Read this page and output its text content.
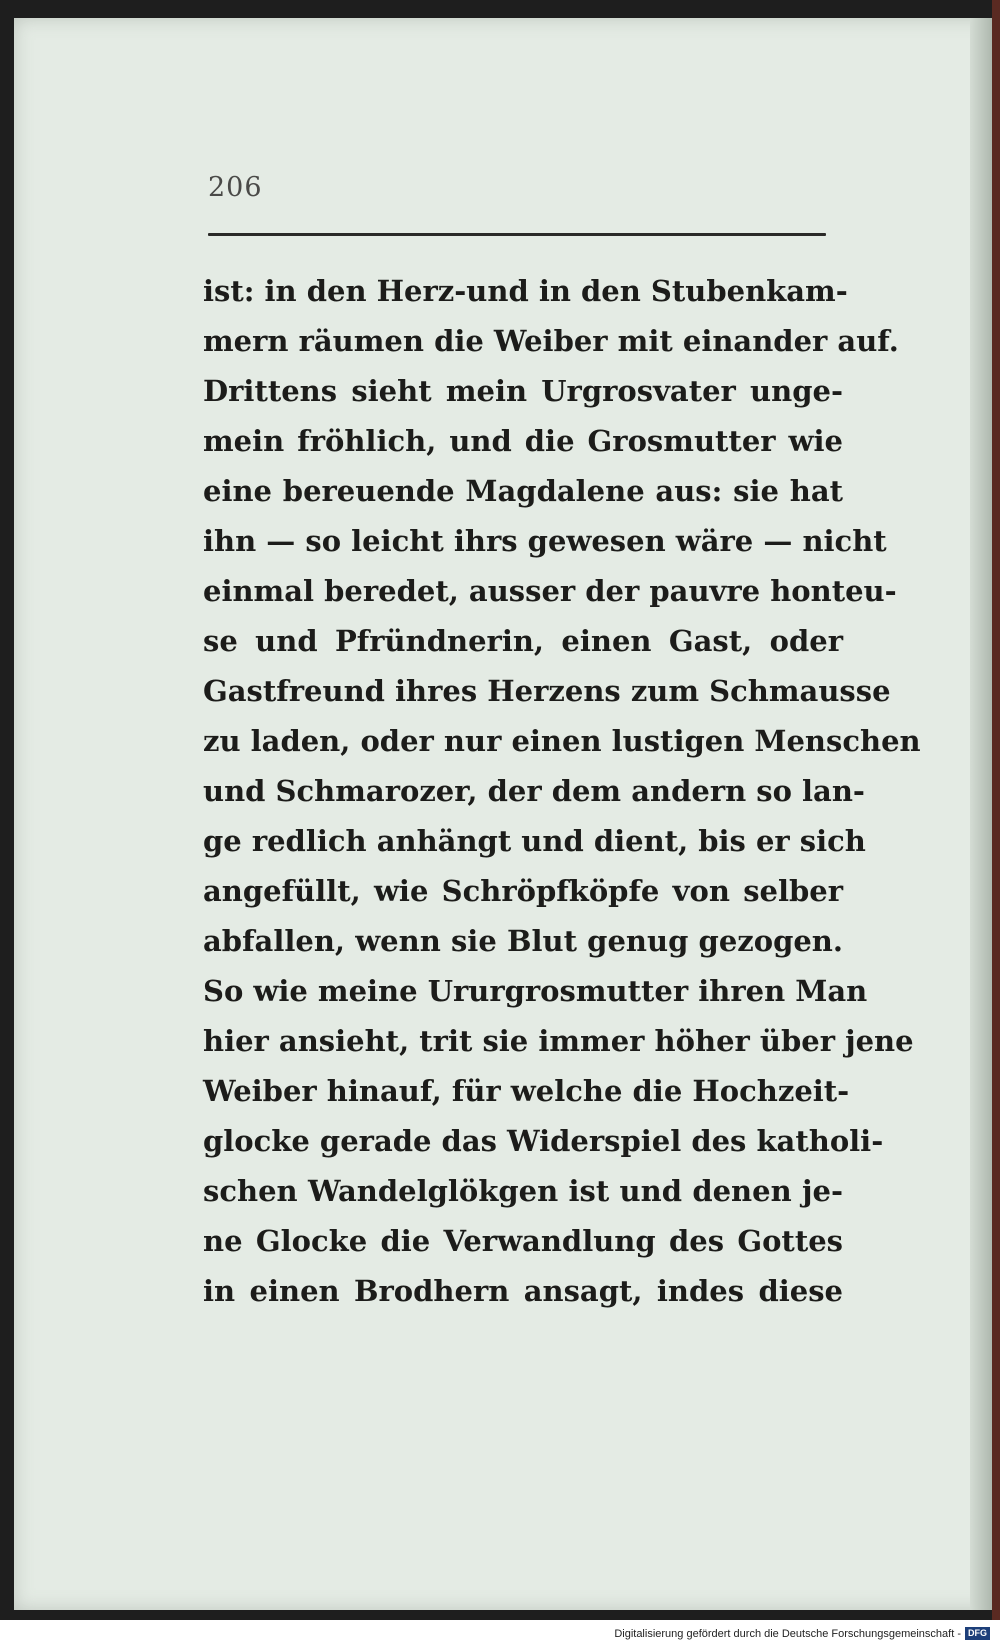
206
ist: in den Herz-und in den Stubenkam-
mern räumen die Weiber mit einander auf.
Drittens sieht mein Urgrosvater unge-
mein fröhlich, und die Grosmutter wie
eine bereuende Magdalene aus: sie hat
ihn — so leicht ihrs gewesen wäre — nicht
einmal beredet, ausser der pauvre honteu-
se und Pfründnerin, einen Gast, oder
Gastfreund ihres Herzens zum Schmausse
zu laden, oder nur einen lustigen Menschen
und Schmarozer, der dem andern so lan-
ge redlich anhängt und dient, bis er sich
angefüllt, wie Schröpfköpfe von selber
abfallen, wenn sie Blut genug gezogen.
So wie meine Ururgrosmutter ihren Man
hier ansieht, trit sie immer höher über jene
Weiber hinauf, für welche die Hochzeit-
glocke gerade das Widerspiel des katholi-
schen Wandelglökgen ist und denen je-
ne Glocke die Verwandlung des Gottes
in einen Brodhern ansagt, indes diese
Digitalisierung gefördert durch die Deutsche Forschungsgemeinschaft - DFG
